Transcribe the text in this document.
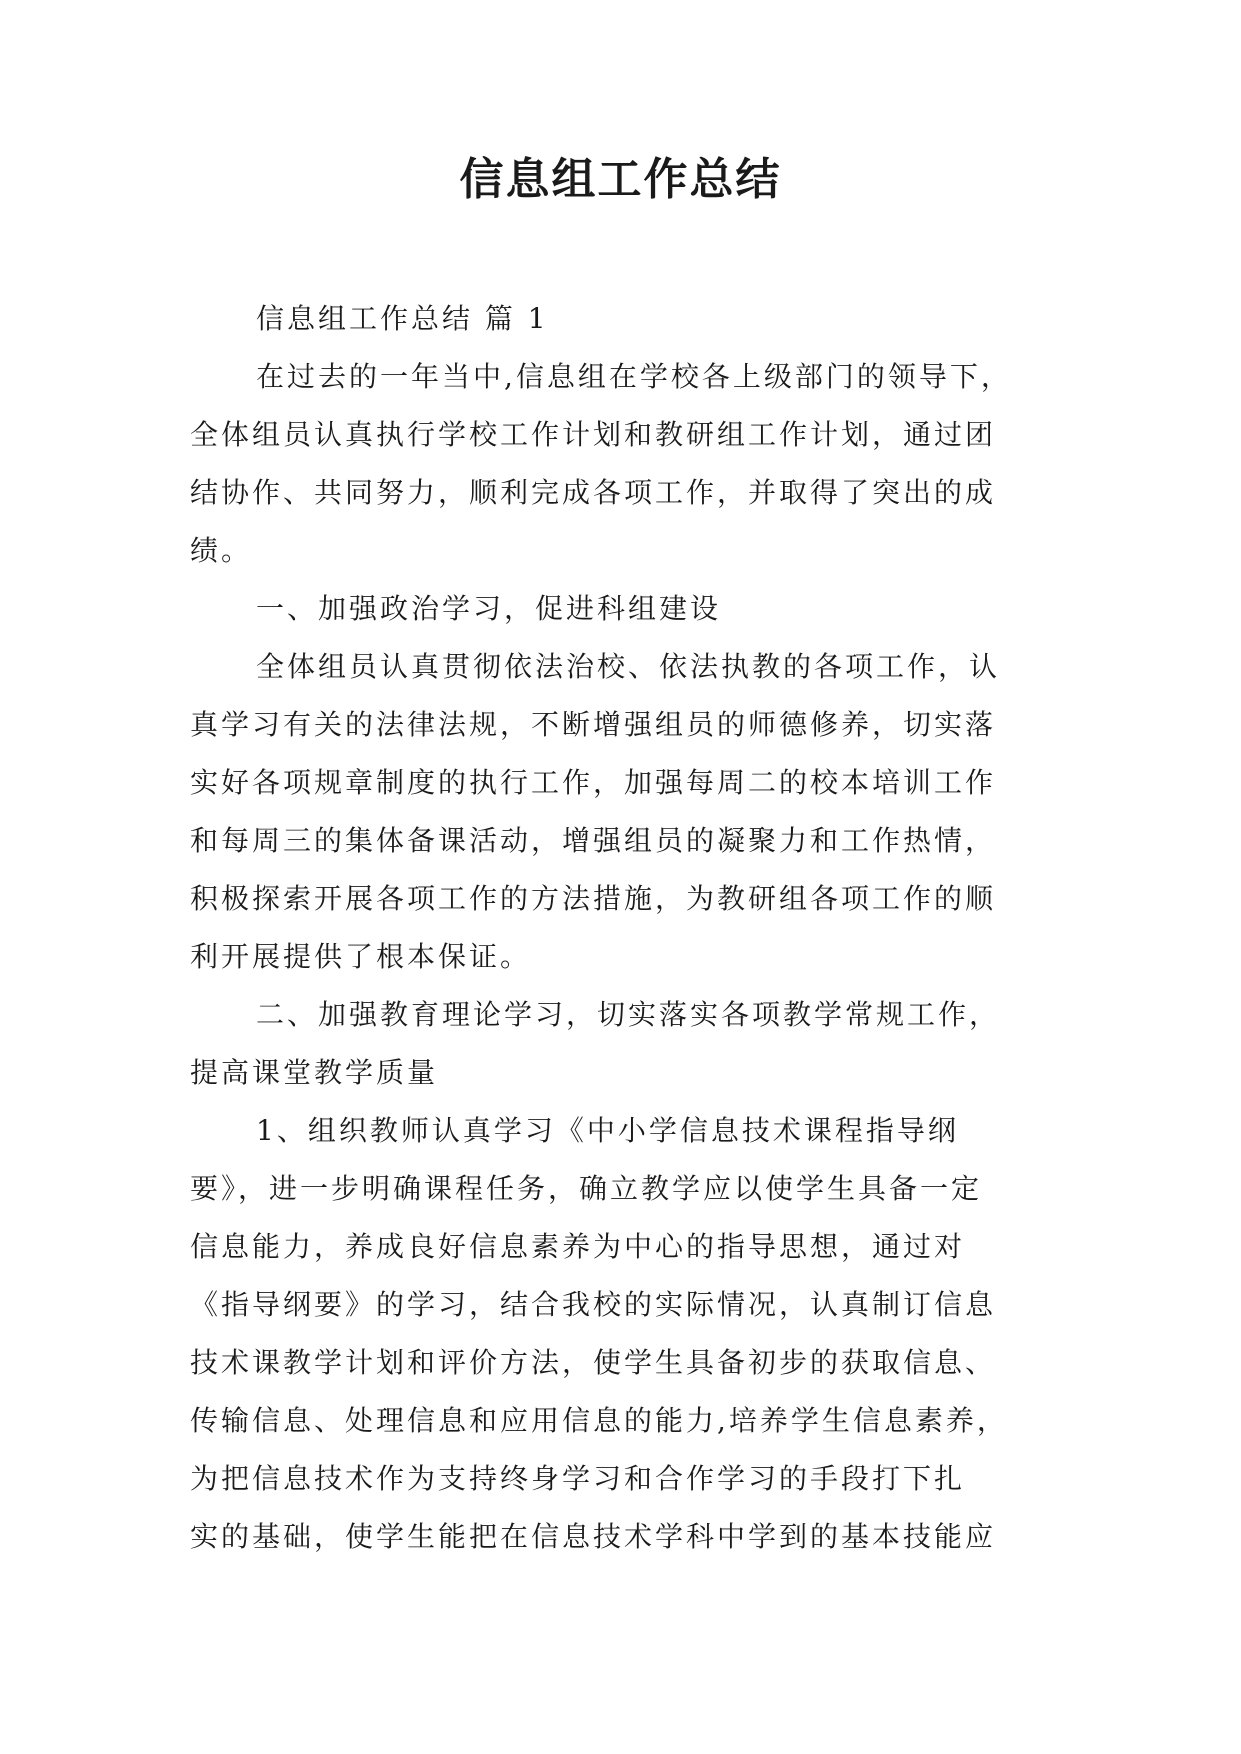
信息组工作总结
信息组工作总结 篇 1
在过去的一年当中,信息组在学校各上级部门的领导下，
全体组员认真执行学校工作计划和教研组工作计划，通过团
结协作、共同努力，顺利完成各项工作，并取得了突出的成
绩。
一、加强政治学习，促进科组建设
全体组员认真贯彻依法治校、依法执教的各项工作，认
真学习有关的法律法规，不断增强组员的师德修养，切实落
实好各项规章制度的执行工作，加强每周二的校本培训工作
和每周三的集体备课活动，增强组员的凝聚力和工作热情，
积极探索开展各项工作的方法措施，为教研组各项工作的顺
利开展提供了根本保证。
二、加强教育理论学习，切实落实各项教学常规工作，
提高课堂教学质量
1、组织教师认真学习《中小学信息技术课程指导纲
要》，进一步明确课程任务，确立教学应以使学生具备一定
信息能力，养成良好信息素养为中心的指导思想，通过对
《指导纲要》的学习，结合我校的实际情况，认真制订信息
技术课教学计划和评价方法，使学生具备初步的获取信息、
传输信息、处理信息和应用信息的能力,培养学生信息素养，
为把信息技术作为支持终身学习和合作学习的手段打下扎
实的基础，使学生能把在信息技术学科中学到的基本技能应
